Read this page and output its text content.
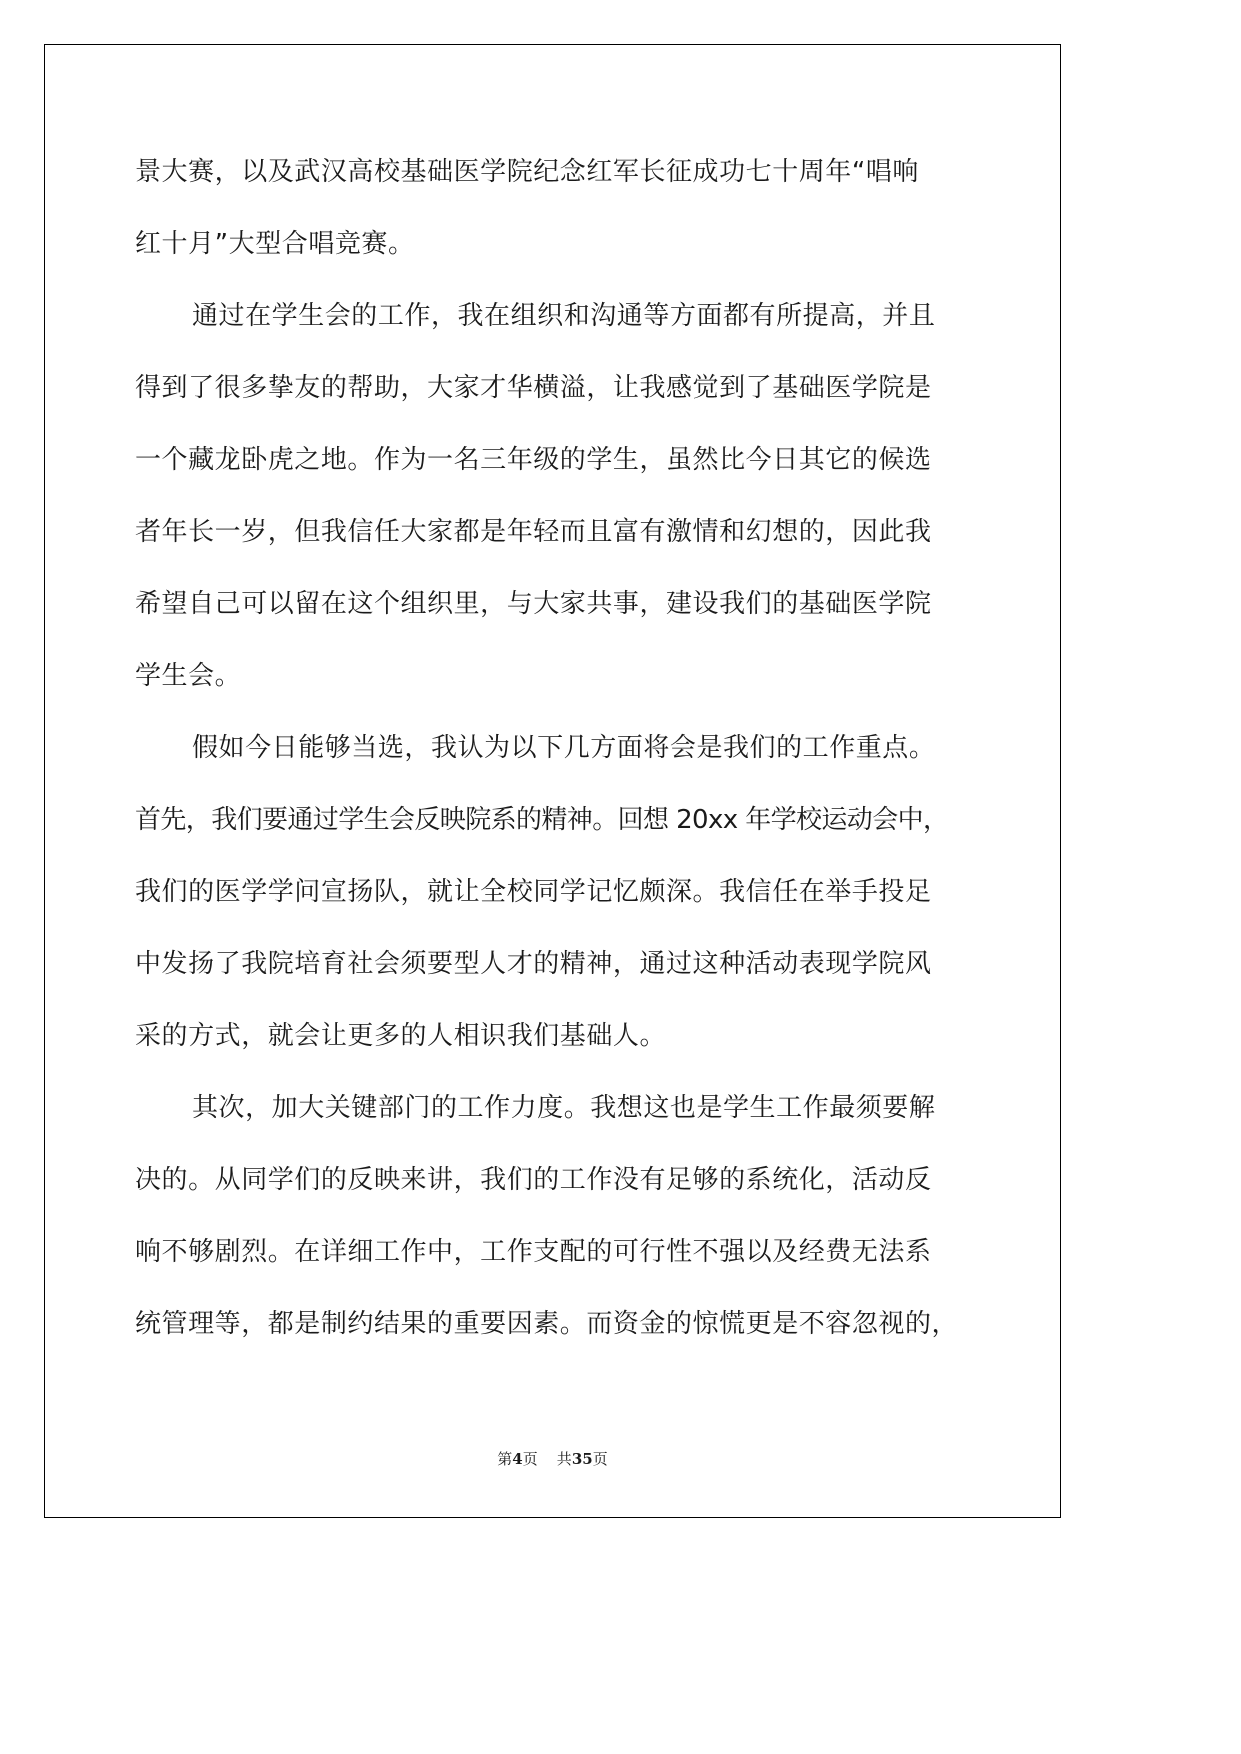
景大赛，以及武汉高校基础医学院纪念红军长征成功七十周年“唱响
红十月”大型合唱竞赛。
通过在学生会的工作，我在组织和沟通等方面都有所提高，并且
得到了很多挚友的帮助，大家才华横溢，让我感觉到了基础医学院是
一个藏龙卧虎之地。作为一名三年级的学生，虽然比今日其它的候选
者年长一岁，但我信任大家都是年轻而且富有激情和幻想的，因此我
希望自己可以留在这个组织里，与大家共事，建设我们的基础医学院
学生会。
假如今日能够当选，我认为以下几方面将会是我们的工作重点。
首先，我们要通过学生会反映院系的精神。回想 20xx 年学校运动会中，
我们的医学学问宣扬队，就让全校同学记忆颇深。我信任在举手投足
中发扬了我院培育社会须要型人才的精神，通过这种活动表现学院风
采的方式，就会让更多的人相识我们基础人。
其次，加大关键部门的工作力度。我想这也是学生工作最须要解
决的。从同学们的反映来讲，我们的工作没有足够的系统化，活动反
响不够剧烈。在详细工作中，工作支配的可行性不强以及经费无法系
统管理等，都是制约结果的重要因素。而资金的惊慌更是不容忽视的，
第4页    共35页
